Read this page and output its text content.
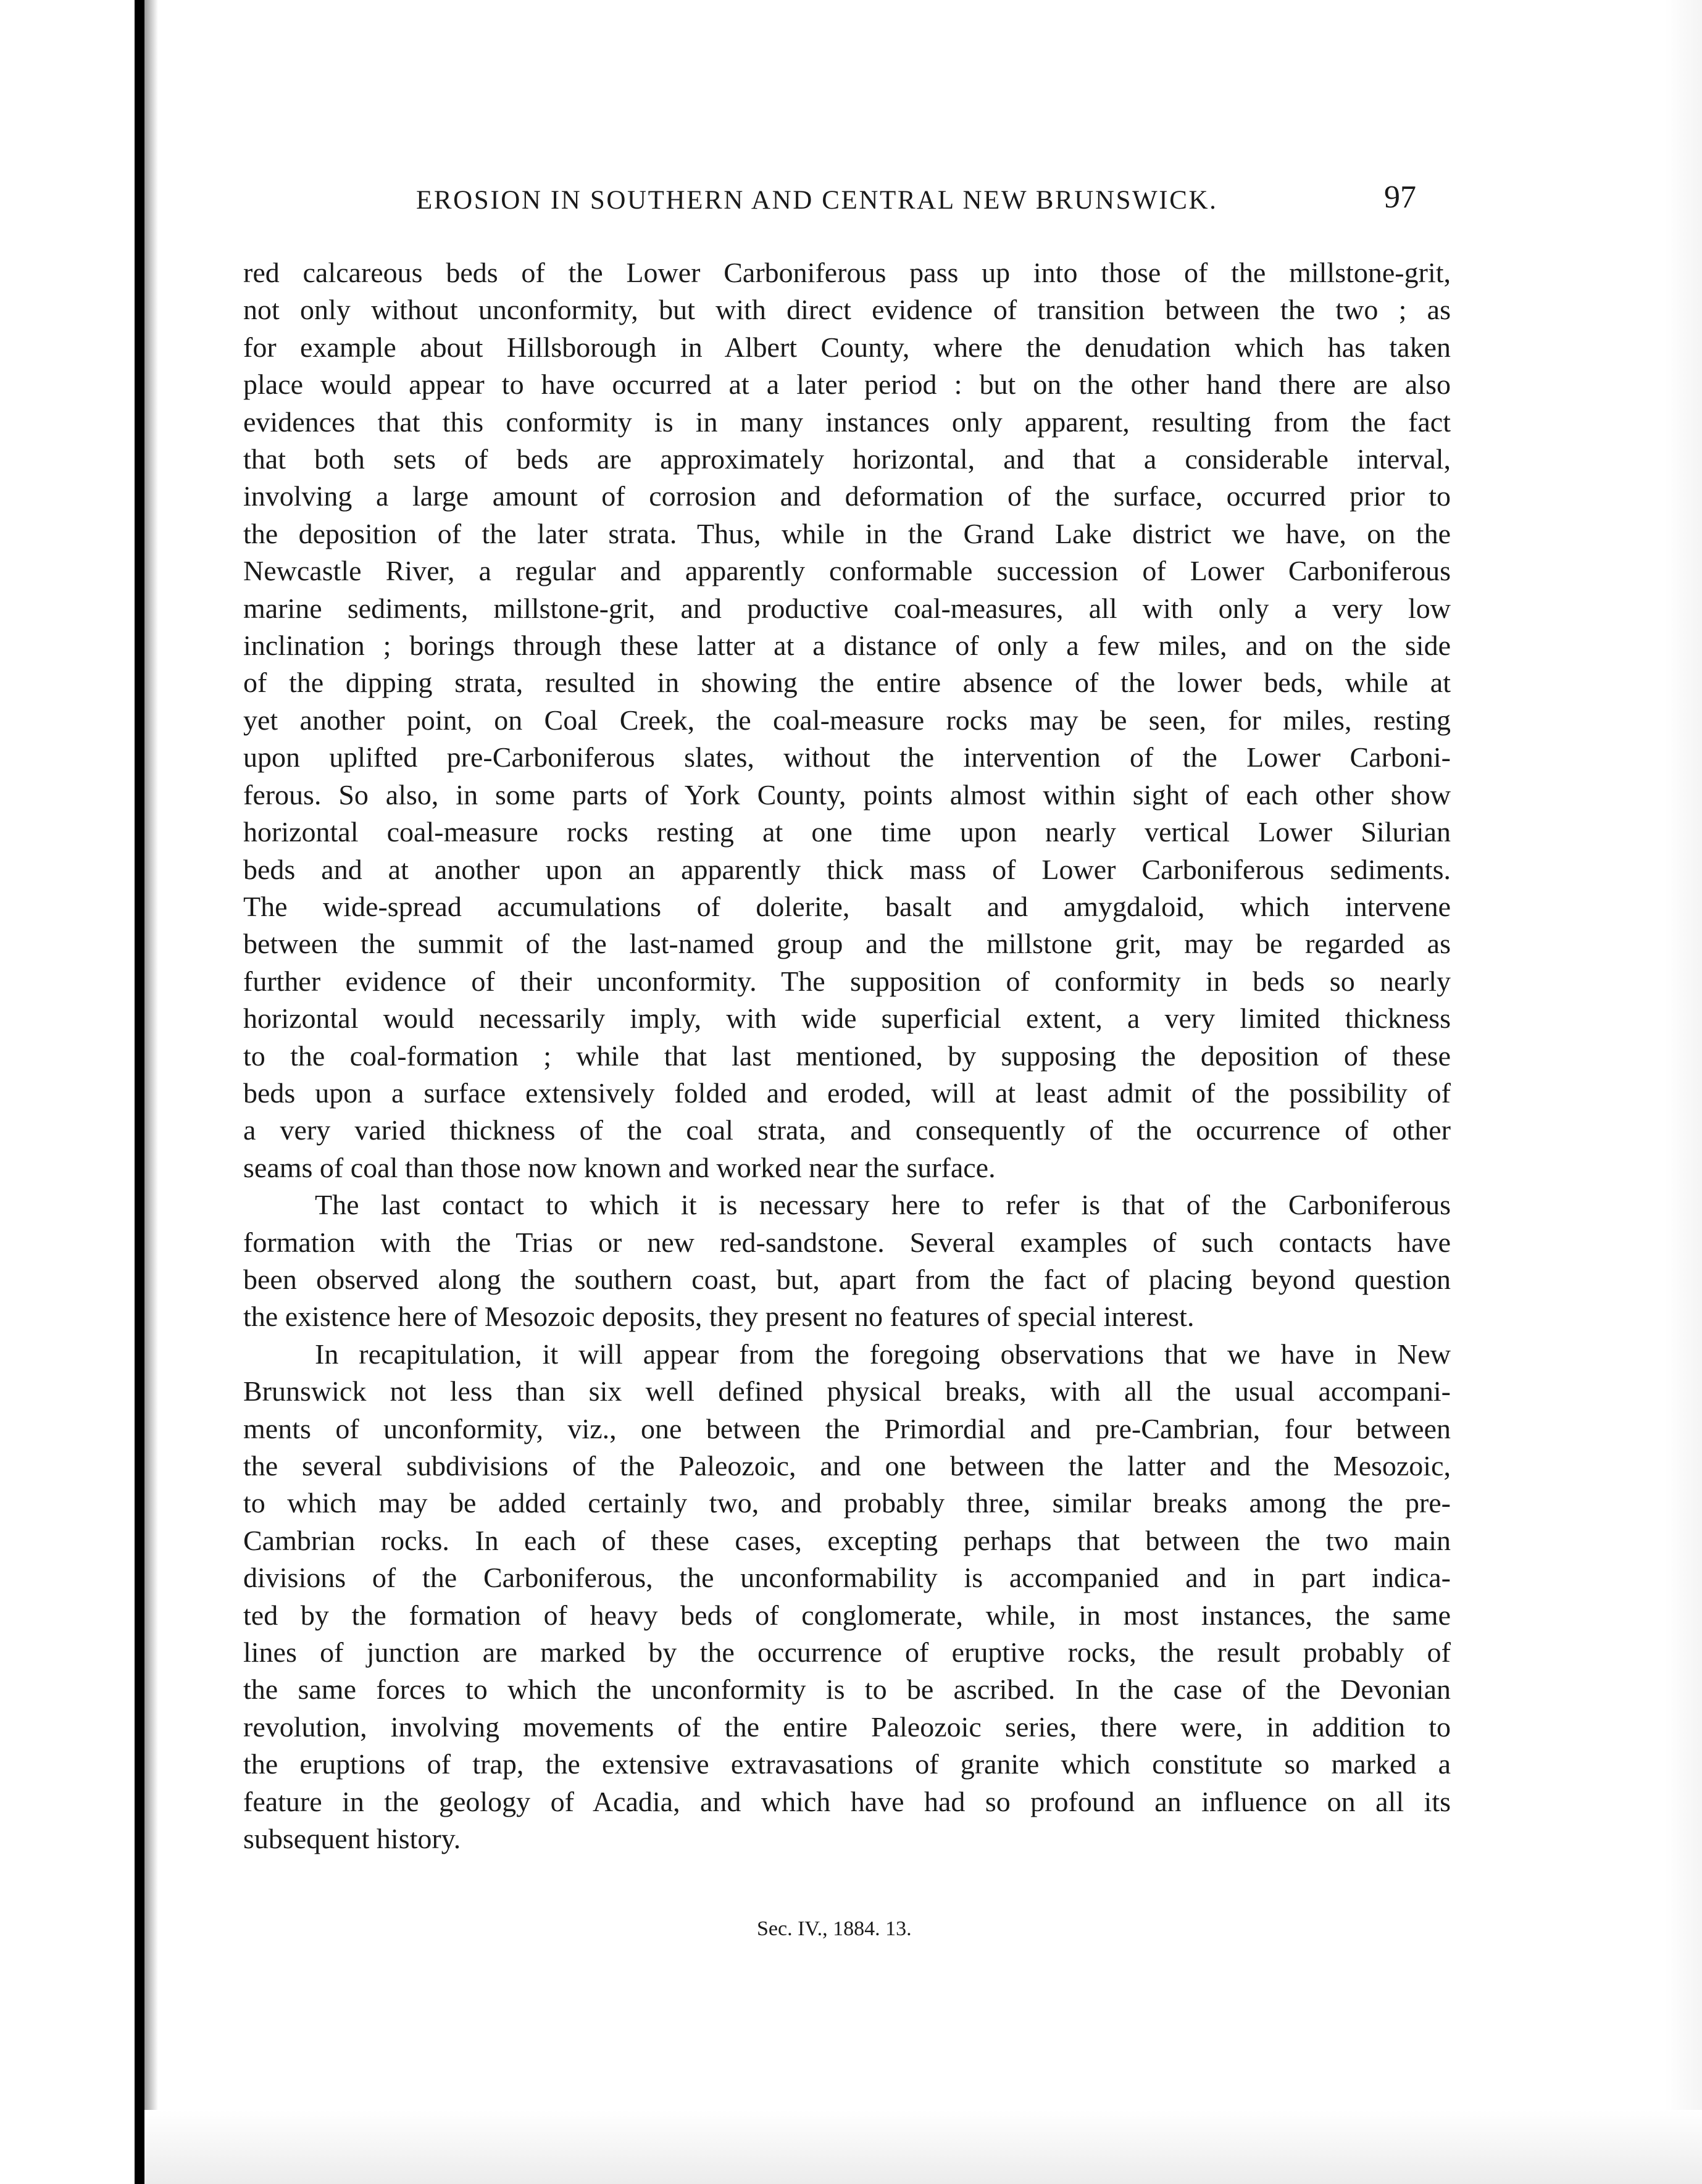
EROSION IN SOUTHERN AND CENTRAL NEW BRUNSWICK.	97
red calcareous beds of the Lower Carboniferous pass up into those of the millstone-grit,
not only without unconformity, but with direct evidence of transition between the two ; as
for example about Hillsborough in Albert County, where the denudation which has taken
place would appear to have occurred at a later period : but on the other hand there are also
evidences that this conformity is in many instances only apparent, resulting from the fact
that both sets of beds are approximately horizontal, and that a considerable interval,
involving a large amount of corrosion and deformation of the surface, occurred prior to
the deposition of the later strata. Thus, while in the Grand Lake district we have, on the
Newcastle River, a regular and apparently conformable succession of Lower Carboniferous
marine sediments, millstone-grit, and productive coal-measures, all with only a very low
inclination ; borings through these latter at a distance of only a few miles, and on the side
of the dipping strata, resulted in showing the entire absence of the lower beds, while at
yet another point, on Coal Creek, the coal-measure rocks may be seen, for miles, resting
upon uplifted pre-Carboniferous slates, without the intervention of the Lower Carboni-
ferous. So also, in some parts of York County, points almost within sight of each other show
horizontal coal-measure rocks resting at one time upon nearly vertical Lower Silurian
beds and at another upon an apparently thick mass of Lower Carboniferous sediments.
The wide-spread accumulations of dolerite, basalt and amygdaloid, which intervene
between the summit of the last-named group and the millstone grit, may be regarded as
further evidence of their unconformity. The supposition of conformity in beds so nearly
horizontal would necessarily imply, with wide superficial extent, a very limited thickness
to the coal-formation ; while that last mentioned, by supposing the deposition of these
beds upon a surface extensively folded and eroded, will at least admit of the possibility of
a very varied thickness of the coal strata, and consequently of the occurrence of other
seams of coal than those now known and worked near the surface.
The last contact to which it is necessary here to refer is that of the Carboniferous
formation with the Trias or new red-sandstone. Several examples of such contacts have
been observed along the southern coast, but, apart from the fact of placing beyond question
the existence here of Mesozoic deposits, they present no features of special interest.
In recapitulation, it will appear from the foregoing observations that we have in New
Brunswick not less than six well defined physical breaks, with all the usual accompani-
ments of unconformity, viz., one between the Primordial and pre-Cambrian, four between
the several subdivisions of the Paleozoic, and one between the latter and the Mesozoic,
to which may be added certainly two, and probably three, similar breaks among the pre-
Cambrian rocks. In each of these cases, excepting perhaps that between the two main
divisions of the Carboniferous, the unconformability is accompanied and in part indica-
ted by the formation of heavy beds of conglomerate, while, in most instances, the same
lines of junction are marked by the occurrence of eruptive rocks, the result probably of
the same forces to which the unconformity is to be ascribed. In the case of the Devonian
revolution, involving movements of the entire Paleozoic series, there were, in addition to
the eruptions of trap, the extensive extravasations of granite which constitute so marked a
feature in the geology of Acadia, and which have had so profound an influence on all its
subsequent history.
Sec. IV., 1884. 13.
